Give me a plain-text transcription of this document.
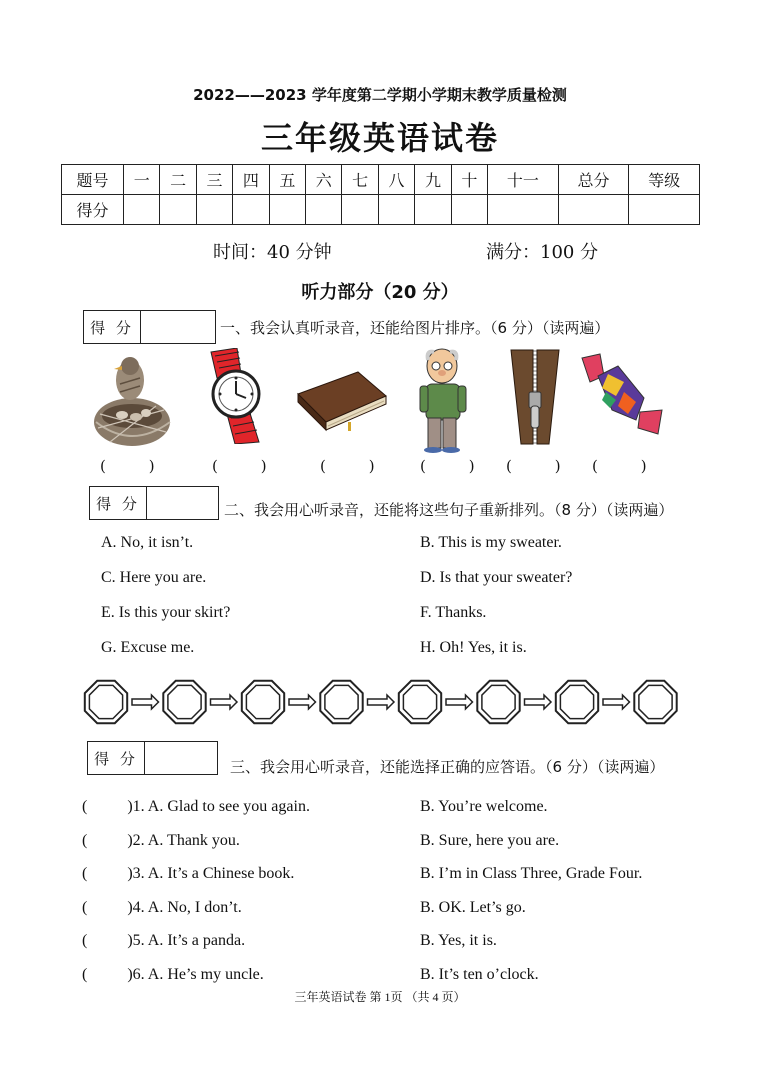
2022——2023 学年度第二学期小学期末教学质量检测
三年级英语试卷
题号	一	二	三	四	五	六	七	八	九	十	十一	总分	等级
得分													
时间：40 分钟	满分：100 分
听力部分（20 分）
得 分	一、我会认真听录音，还能给图片排序。（6 分）（读两遍）
(         )	(         )	(         )	(         ) (         ) (         )
得 分	二、我会用心听录音，还能将这些句子重新排列。（8 分）（读两遍）
A. No, it isn’t.	B. This is my sweater.
C. Here you are.	D. Is that your sweater?
E. Is this your skirt?	F. Thanks.
G. Excuse me.	H. Oh! Yes, it is.
得 分	三、我会用心听录音，还能选择正确的应答语。（6 分）（读两遍）
(          )1. A. Glad to see you again.	B. You’re welcome.
(          )2. A. Thank you.	B. Sure, here you are.
(          )3. A. It’s a Chinese book.	B. I’m in Class Three, Grade Four.
(          )4. A. No, I don’t.	B. OK. Let’s go.
(          )5. A. It’s a panda.	B. Yes, it is.
(          )6. A. He’s my uncle.	B. It’s ten o’clock.
三年英语试卷 第 1页 （共 4 页）
